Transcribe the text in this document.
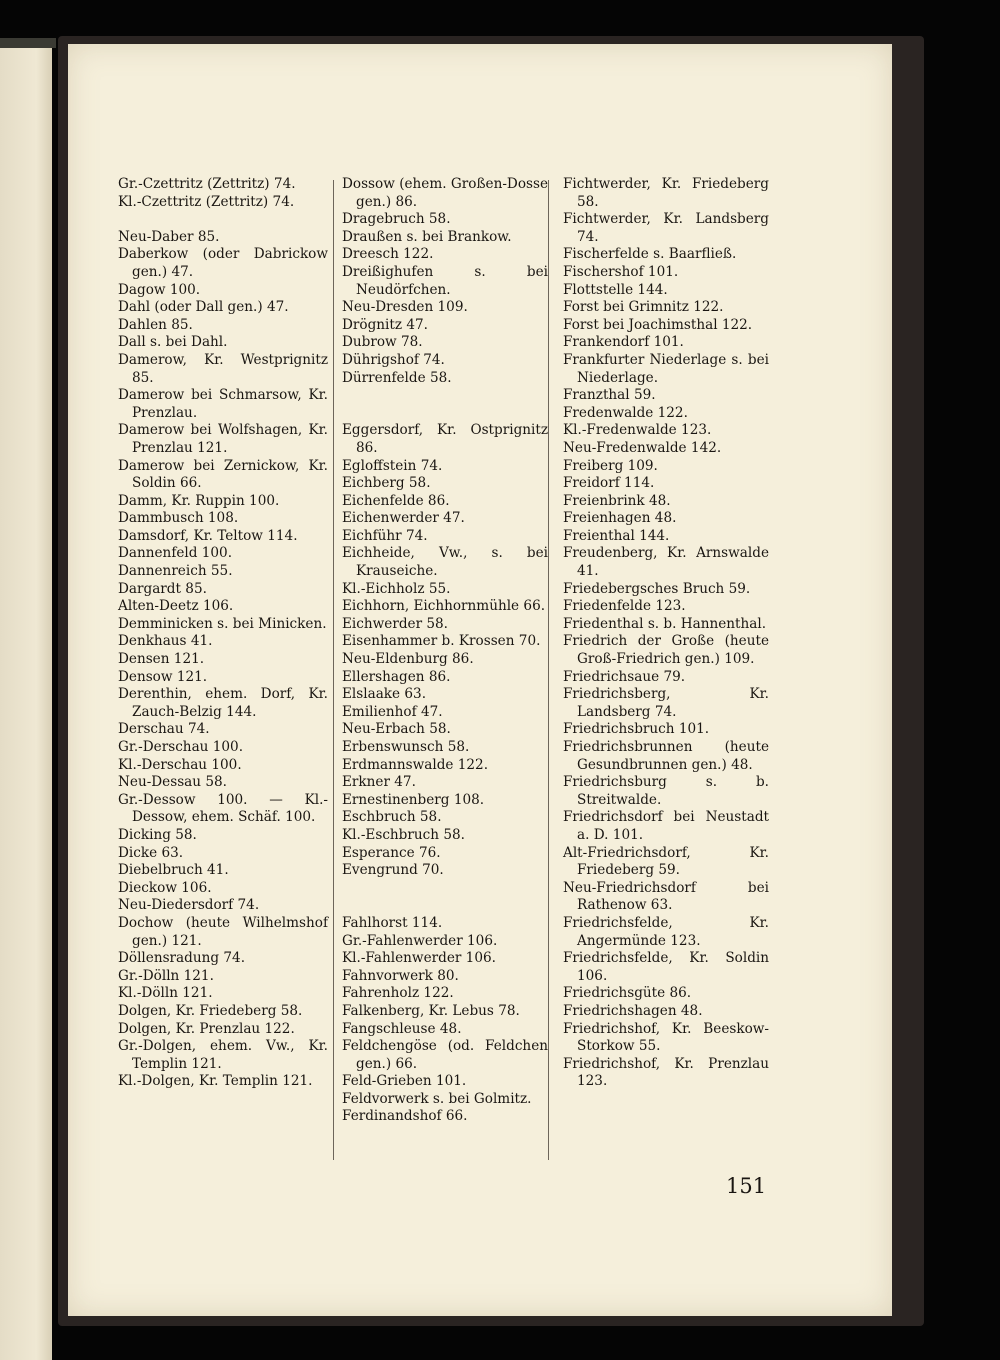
Gr.-Czettritz (Zettritz) 74.
Kl.-Czettritz (Zettritz) 74.
Neu-Daber 85.
Daberkow (oder Dabrickow gen.) 47.
Dagow 100.
Dahl (oder Dall gen.) 47.
Dahlen 85.
Dall s. bei Dahl.
Damerow, Kr. Westprignitz 85.
Damerow bei Schmarsow, Kr. Prenzlau.
Damerow bei Wolfshagen, Kr. Prenzlau 121.
Damerow bei Zernickow, Kr. Soldin 66.
Damm, Kr. Ruppin 100.
Dammbusch 108.
Damsdorf, Kr. Teltow 114.
Dannenfeld 100.
Dannenreich 55.
Dargardt 85.
Alten-Deetz 106.
Demminicken s. bei Minicken.
Denkhaus 41.
Densen 121.
Densow 121.
Derenthin, ehem. Dorf, Kr. Zauch-Belzig 144.
Derschau 74.
Gr.-Derschau 100.
Kl.-Derschau 100.
Neu-Dessau 58.
Gr.-Dessow 100. — Kl.-Dessow, ehem. Schäf. 100.
Dicking 58.
Dicke 63.
Diebelbruch 41.
Dieckow 106.
Neu-Diedersdorf 74.
Dochow (heute Wilhelmshof gen.) 121.
Döllensradung 74.
Gr.-Dölln 121.
Kl.-Dölln 121.
Dolgen, Kr. Friedeberg 58.
Dolgen, Kr. Prenzlau 122.
Gr.-Dolgen, ehem. Vw., Kr. Templin 121.
Kl.-Dolgen, Kr. Templin 121.
Dossow (ehem. Großen-Dosse gen.) 86.
Dragebruch 58.
Draußen s. bei Brankow.
Dreesch 122.
Dreißighufen s. bei Neudörfchen.
Neu-Dresden 109.
Drögnitz 47.
Dubrow 78.
Dührigshof 74.
Dürrenfelde 58.
Eggersdorf, Kr. Ostprignitz 86.
Egloffstein 74.
Eichberg 58.
Eichenfelde 86.
Eichenwerder 47.
Eichführ 74.
Eichheide, Vw., s. bei Krauseiche.
Kl.-Eichholz 55.
Eichhorn, Eichhornmühle 66.
Eichwerder 58.
Eisenhammer b. Krossen 70.
Neu-Eldenburg 86.
Ellershagen 86.
Elslaake 63.
Emilienhof 47.
Neu-Erbach 58.
Erbenswunsch 58.
Erdmannswalde 122.
Erkner 47.
Ernestinenberg 108.
Eschbruch 58.
Kl.-Eschbruch 58.
Esperance 76.
Evengrund 70.
Fahlhorst 114.
Gr.-Fahlenwerder 106.
Kl.-Fahlenwerder 106.
Fahnvorwerk 80.
Fahrenholz 122.
Falkenberg, Kr. Lebus 78.
Fangschleuse 48.
Feldchengöse (od. Feldchen gen.) 66.
Feld-Grieben 101.
Feldvorwerk s. bei Golmitz.
Ferdinandshof 66.
Fichtwerder, Kr. Friedeberg 58.
Fichtwerder, Kr. Landsberg 74.
Fischerfelde s. Baarfließ.
Fischershof 101.
Flottstelle 144.
Forst bei Grimnitz 122.
Forst bei Joachimsthal 122.
Frankendorf 101.
Frankfurter Niederlage s. bei Niederlage.
Franzthal 59.
Fredenwalde 122.
Kl.-Fredenwalde 123.
Neu-Fredenwalde 142.
Freiberg 109.
Freidorf 114.
Freienbrink 48.
Freienhagen 48.
Freienthal 144.
Freudenberg, Kr. Arnswalde 41.
Friedebergsches Bruch 59.
Friedenfelde 123.
Friedenthal s. b. Hannenthal.
Friedrich der Große (heute Groß-Friedrich gen.) 109.
Friedrichsaue 79.
Friedrichsberg, Kr. Landsberg 74.
Friedrichsbruch 101.
Friedrichsbrunnen (heute Gesundbrunnen gen.) 48.
Friedrichsburg s. b. Streitwalde.
Friedrichsdorf bei Neustadt a. D. 101.
Alt-Friedrichsdorf, Kr. Friedeberg 59.
Neu-Friedrichsdorf bei Rathenow 63.
Friedrichsfelde, Kr. Angermünde 123.
Friedrichsfelde, Kr. Soldin 106.
Friedrichsgüte 86.
Friedrichshagen 48.
Friedrichshof, Kr. Beeskow-Storkow 55.
Friedrichshof, Kr. Prenzlau 123.
151
